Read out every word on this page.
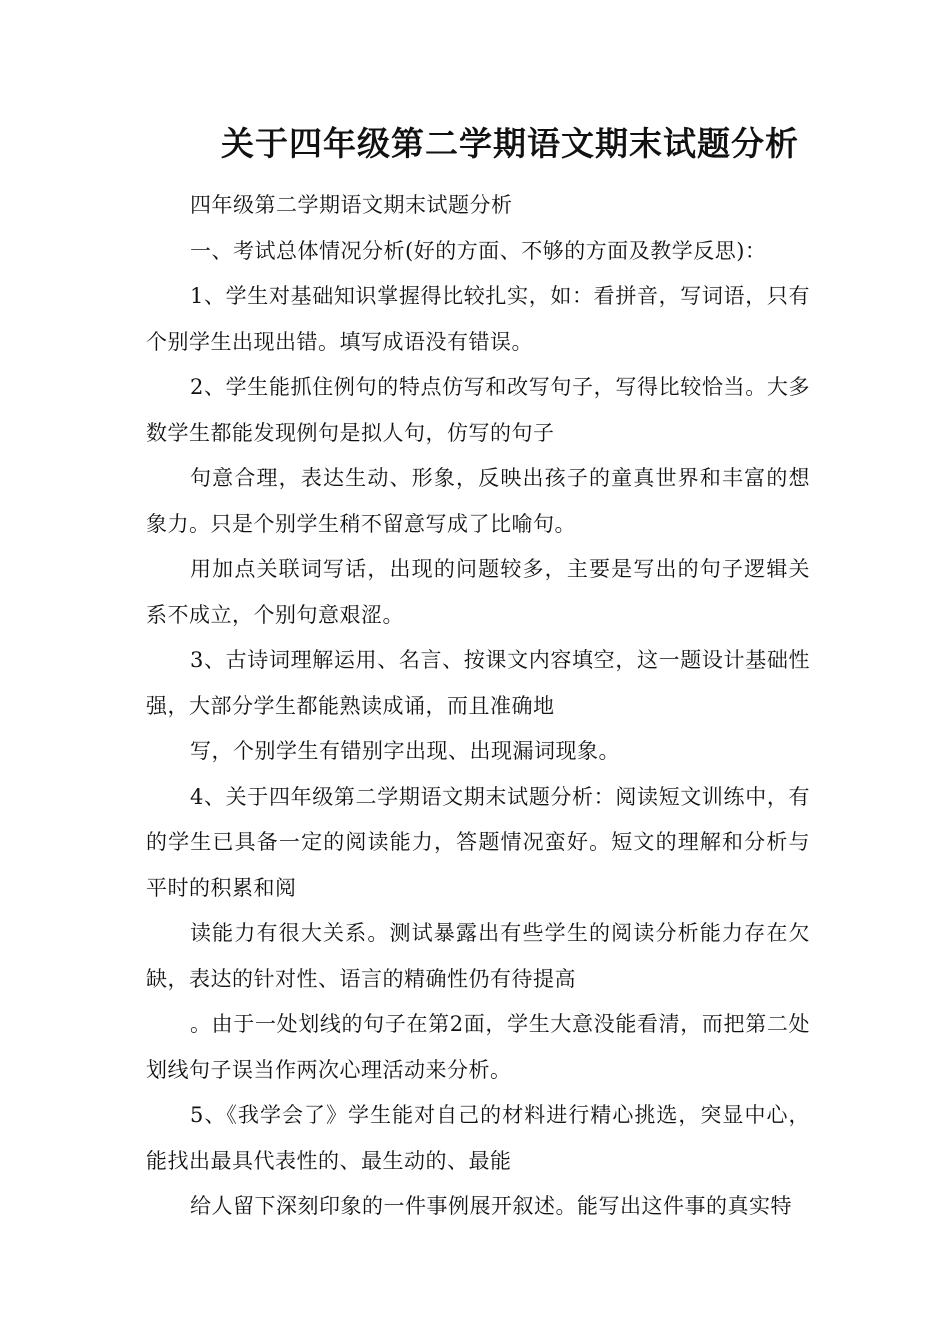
关于四年级第二学期语文期末试题分析

四年级第二学期语文期末试题分析

一、考试总体情况分析(好的方面、不够的方面及教学反思)：

1、学生对基础知识掌握得比较扎实，如：看拼音，写词语，只有个别学生出现出错。填写成语没有错误。

2、学生能抓住例句的特点仿写和改写句子，写得比较恰当。大多数学生都能发现例句是拟人句，仿写的句子

句意合理，表达生动、形象，反映出孩子的童真世界和丰富的想象力。只是个别学生稍不留意写成了比喻句。

用加点关联词写话，出现的问题较多，主要是写出的句子逻辑关系不成立，个别句意艰涩。

3、古诗词理解运用、名言、按课文内容填空，这一题设计基础性强，大部分学生都能熟读成诵，而且准确地

写，个别学生有错别字出现、出现漏词现象。

4、关于四年级第二学期语文期末试题分析：阅读短文训练中，有的学生已具备一定的阅读能力，答题情况蛮好。短文的理解和分析与平时的积累和阅

读能力有很大关系。测试暴露出有些学生的阅读分析能力存在欠缺，表达的针对性、语言的精确性仍有待提高

。由于一处划线的句子在第2面，学生大意没能看清，而把第二处划线句子误当作两次心理活动来分析。

5、《我学会了》学生能对自己的材料进行精心挑选，突显中心，能找出最具代表性的、最生动的、最能

给人留下深刻印象的一件事例展开叙述。能写出这件事的真实特
